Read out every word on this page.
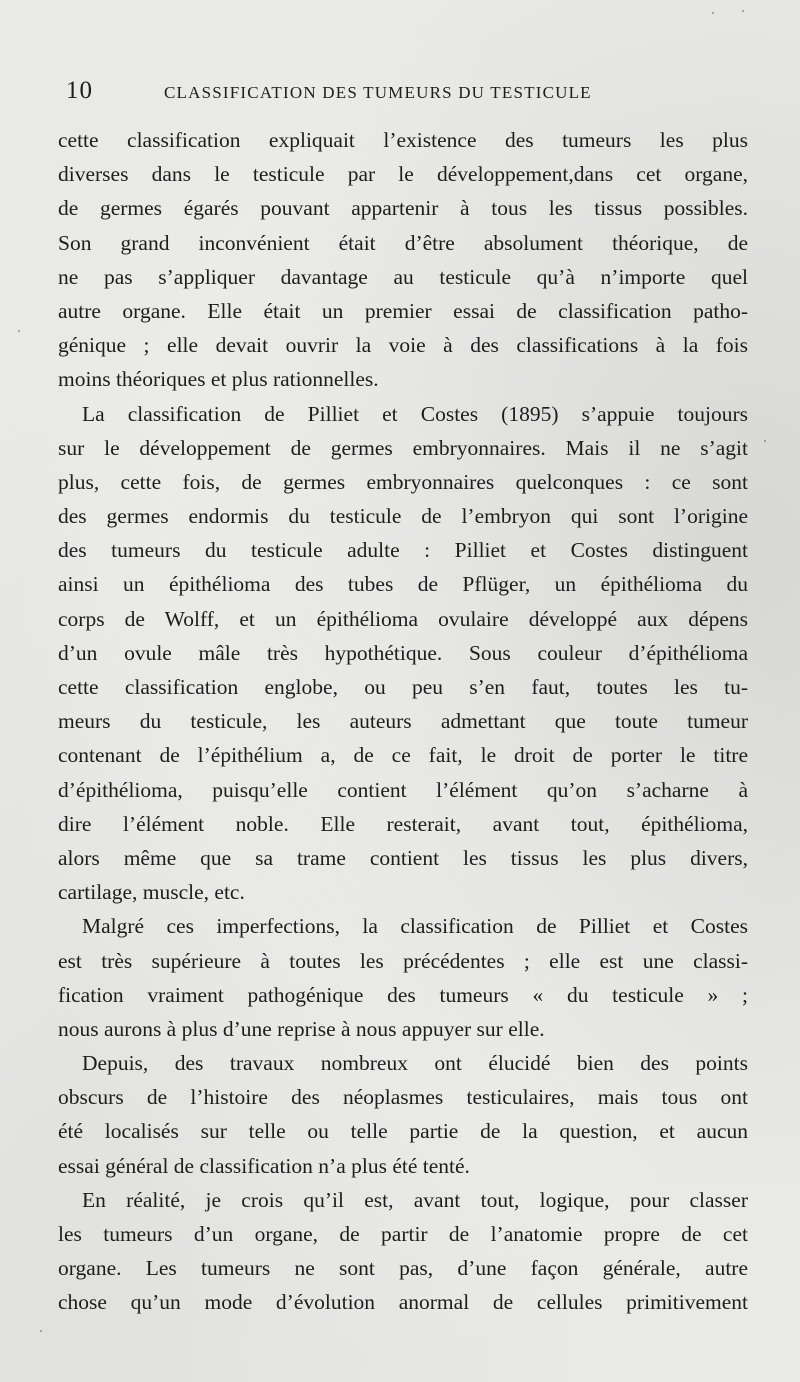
10	CLASSIFICATION DES TUMEURS DU TESTICULE
cette classification expliquait l’existence des tumeurs les plus
diverses dans le testicule par le développement,dans cet organe,
de germes égarés pouvant appartenir à tous les tissus possibles.
Son grand inconvénient était d’être absolument théorique, de
ne pas s’appliquer davantage au testicule qu’à n’importe quel
autre organe. Elle était un premier essai de classification patho-
génique ; elle devait ouvrir la voie à des classifications à la fois
moins théoriques et plus rationnelles.
La classification de Pilliet et Costes (1895) s’appuie toujours
sur le développement de germes embryonnaires. Mais il ne s’agit
plus, cette fois, de germes embryonnaires quelconques : ce sont
des germes endormis du testicule de l’embryon qui sont l’origine
des tumeurs du testicule adulte : Pilliet et Costes distinguent
ainsi un épithélioma des tubes de Pflüger, un épithélioma du
corps de Wolff, et un épithélioma ovulaire développé aux dépens
d’un ovule mâle très hypothétique. Sous couleur d’épithélioma
cette classification englobe, ou peu s’en faut, toutes les tu-
meurs du testicule, les auteurs admettant que toute tumeur
contenant de l’épithélium a, de ce fait, le droit de porter le titre
d’épithélioma, puisqu’elle contient l’élément qu’on s’acharne à
dire l’élément noble. Elle resterait, avant tout, épithélioma,
alors même que sa trame contient les tissus les plus divers,
cartilage, muscle, etc.
Malgré ces imperfections, la classification de Pilliet et Costes
est très supérieure à toutes les précédentes ; elle est une classi-
fication vraiment pathogénique des tumeurs « du testicule » ;
nous aurons à plus d’une reprise à nous appuyer sur elle.
Depuis, des travaux nombreux ont élucidé bien des points
obscurs de l’histoire des néoplasmes testiculaires, mais tous ont
été localisés sur telle ou telle partie de la question, et aucun
essai général de classification n’a plus été tenté.
En réalité, je crois qu’il est, avant tout, logique, pour classer
les tumeurs d’un organe, de partir de l’anatomie propre de cet
organe. Les tumeurs ne sont pas, d’une façon générale, autre
chose qu’un mode d’évolution anormal de cellules primitivement
